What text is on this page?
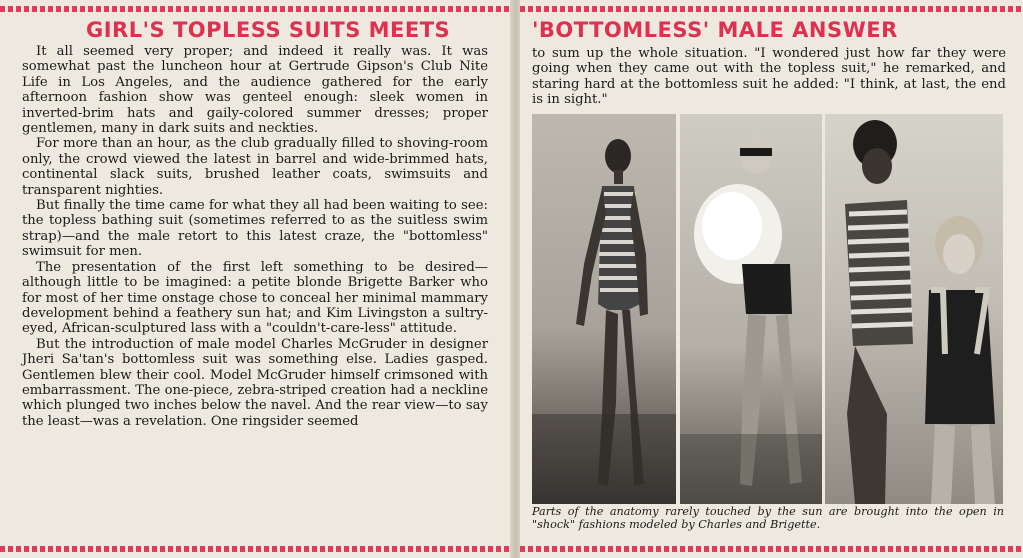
GIRL'S TOPLESS SUITS MEETS

It all seemed very proper; and indeed it really was. It was somewhat past the luncheon hour at Gertrude Gipson's Club Nite Life in Los Angeles, and the audience gathered for the early afternoon fashion show was genteel enough: sleek women in inverted-brim hats and gaily-colored summer dresses; proper gentlemen, many in dark suits and neckties.

For more than an hour, as the club gradually filled to shoving-room only, the crowd viewed the latest in barrel and wide-brimmed hats, continental slack suits, brushed leather coats, swimsuits and transparent nighties.

But finally the time came for what they all had been waiting to see: the topless bathing suit (sometimes referred to as the suitless swim strap)—and the male retort to this latest craze, the "bottomless" swimsuit for men.

The presentation of the first left something to be desired—although little to be imagined: a petite blonde Brigette Barker who for most of her time onstage chose to conceal her minimal mammary development behind a feathery sun hat; and Kim Livingston a sultry-eyed, African-sculptured lass with a "couldn't-care-less" attitude.

But the introduction of male model Charles McGruder in designer Jheri Sa'tan's bottomless suit was something else. Ladies gasped. Gentlemen blew their cool. Model McGruder himself crimsoned with embarrassment. The one-piece, zebra-striped creation had a neckline which plunged two inches below the navel. And the rear view—to say the least—was a revelation. One ringsider seemed

'BOTTOMLESS' MALE ANSWER

to sum up the whole situation. "I wondered just how far they were going when they came out with the topless suit," he remarked, and staring hard at the bottomless suit he added: "I think, at last, the end is in sight."

Parts of the anatomy rarely touched by the sun are brought into the open in "shock" fashions modeled by Charles and Brigette.
